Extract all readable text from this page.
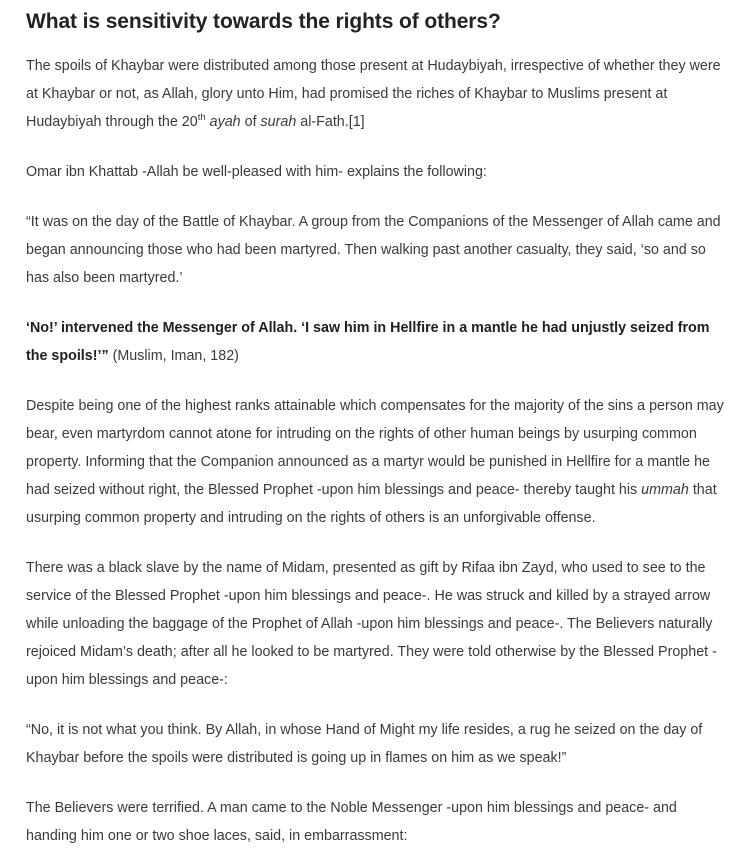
What is sensitivity towards the rights of others?

The spoils of Khaybar were distributed among those present at Hudaybiyah, irrespective of whether they were at Khaybar or not, as Allah, glory unto Him, had promised the riches of Khaybar to Muslims present at Hudaybiyah through the 20th ayah of surah al-Fath.[1]

Omar ibn Khattab -Allah be well-pleased with him- explains the following:

“It was on the day of the Battle of Khaybar. A group from the Companions of the Messenger of Allah came and began announcing those who had been martyred. Then walking past another casualty, they said, ‘so and so has also been martyred.’

‘No!’ intervened the Messenger of Allah. ‘I saw him in Hellfire in a mantle he had unjustly seized from the spoils!’” (Muslim, Iman, 182)

Despite being one of the highest ranks attainable which compensates for the majority of the sins a person may bear, even martyrdom cannot atone for intruding on the rights of other human beings by usurping common property. Informing that the Companion announced as a martyr would be punished in Hellfire for a mantle he had seized without right, the Blessed Prophet -upon him blessings and peace- thereby taught his ummah that usurping common property and intruding on the rights of others is an unforgivable offense.

There was a black slave by the name of Midam, presented as gift by Rifaa ibn Zayd, who used to see to the service of the Blessed Prophet -upon him blessings and peace-. He was struck and killed by a strayed arrow while unloading the baggage of the Prophet of Allah -upon him blessings and peace-. The Believers naturally rejoiced Midam’s death; after all he looked to be martyred. They were told otherwise by the Blessed Prophet -upon him blessings and peace-:

“No, it is not what you think. By Allah, in whose Hand of Might my life resides, a rug he seized on the day of Khaybar before the spoils were distributed is going up in flames on him as we speak!”

The Believers were terrified. A man came to the Noble Messenger -upon him blessings and peace- and handing him one or two shoe laces, said, in embarrassment:
